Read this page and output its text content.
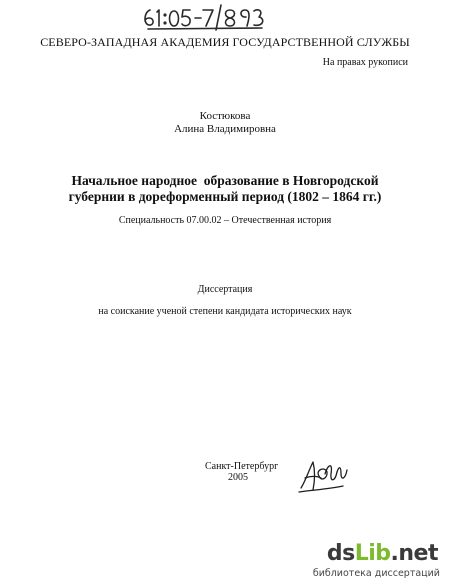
СЕВЕРО-ЗАПАДНАЯ АКАДЕМИЯ ГОСУДАРСТВЕННОЙ СЛУЖБЫ
На правах рукописи
Костюкова
Алина Владимировна
Начальное народное  образование в Новгородской
губернии в дореформенный период (1802 – 1864 гг.)
Специальность 07.00.02 – Отечественная история
Диссертация
на соискание ученой степени кандидата исторических наук
Санкт-Петербург
2005
dsLib.net
библиотека диссертаций
